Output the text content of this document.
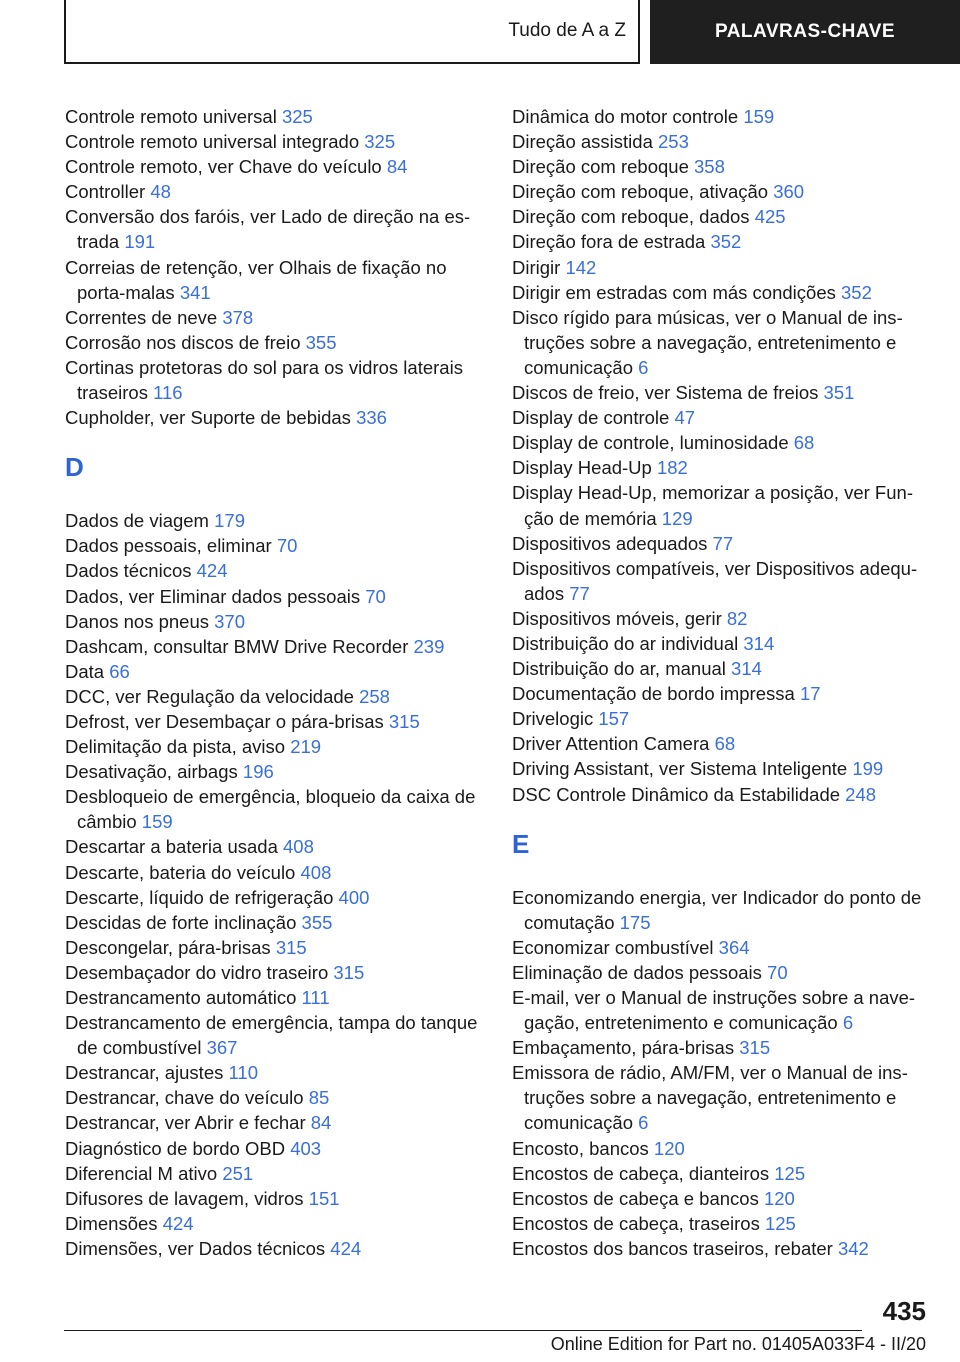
Tudo de A a Z	PALAVRAS-CHAVE
Controle remoto universal 325
Controle remoto universal integrado 325
Controle remoto, ver Chave do veículo 84
Controller 48
Conversão dos faróis, ver Lado de direção na estrada 191
Correias de retenção, ver Olhais de fixação no porta-malas 341
Correntes de neve 378
Corrosão nos discos de freio 355
Cortinas protetoras do sol para os vidros laterais traseiros 116
Cupholder, ver Suporte de bebidas 336
D
Dados de viagem 179
Dados pessoais, eliminar 70
Dados técnicos 424
Dados, ver Eliminar dados pessoais 70
Danos nos pneus 370
Dashcam, consultar BMW Drive Recorder 239
Data 66
DCC, ver Regulação da velocidade 258
Defrost, ver Desembaçar o pára-brisas 315
Delimitação da pista, aviso 219
Desativação, airbags 196
Desbloqueio de emergência, bloqueio da caixa de câmbio 159
Descartar a bateria usada 408
Descarte, bateria do veículo 408
Descarte, líquido de refrigeração 400
Descidas de forte inclinação 355
Descongelar, pára-brisas 315
Desembaçador do vidro traseiro 315
Destrancamento automático 111
Destrancamento de emergência, tampa do tanque de combustível 367
Destrancar, ajustes 110
Destrancar, chave do veículo 85
Destrancar, ver Abrir e fechar 84
Diagnóstico de bordo OBD 403
Diferencial M ativo 251
Difusores de lavagem, vidros 151
Dimensões 424
Dimensões, ver Dados técnicos 424
Dinâmica do motor controle 159
Direção assistida 253
Direção com reboque 358
Direção com reboque, ativação 360
Direção com reboque, dados 425
Direção fora de estrada 352
Dirigir 142
Dirigir em estradas com más condições 352
Disco rígido para músicas, ver o Manual de instruções sobre a navegação, entretenimento e comunicação 6
Discos de freio, ver Sistema de freios 351
Display de controle 47
Display de controle, luminosidade 68
Display Head-Up 182
Display Head-Up, memorizar a posição, ver Função de memória 129
Dispositivos adequados 77
Dispositivos compatíveis, ver Dispositivos adequados 77
Dispositivos móveis, gerir 82
Distribuição do ar individual 314
Distribuição do ar, manual 314
Documentação de bordo impressa 17
Drivelogic 157
Driver Attention Camera 68
Driving Assistant, ver Sistema Inteligente 199
DSC Controle Dinâmico da Estabilidade 248
E
Economizando energia, ver Indicador do ponto de comutação 175
Economizar combustível 364
Eliminação de dados pessoais 70
E-mail, ver o Manual de instruções sobre a navegação, entretenimento e comunicação 6
Embaçamento, pára-brisas 315
Emissora de rádio, AM/FM, ver o Manual de instruções sobre a navegação, entretenimento e comunicação 6
Encosto, bancos 120
Encostos de cabeça, dianteiros 125
Encostos de cabeça e bancos 120
Encostos de cabeça, traseiros 125
Encostos dos bancos traseiros, rebater 342
435
Online Edition for Part no. 01405A033F4 - II/20
